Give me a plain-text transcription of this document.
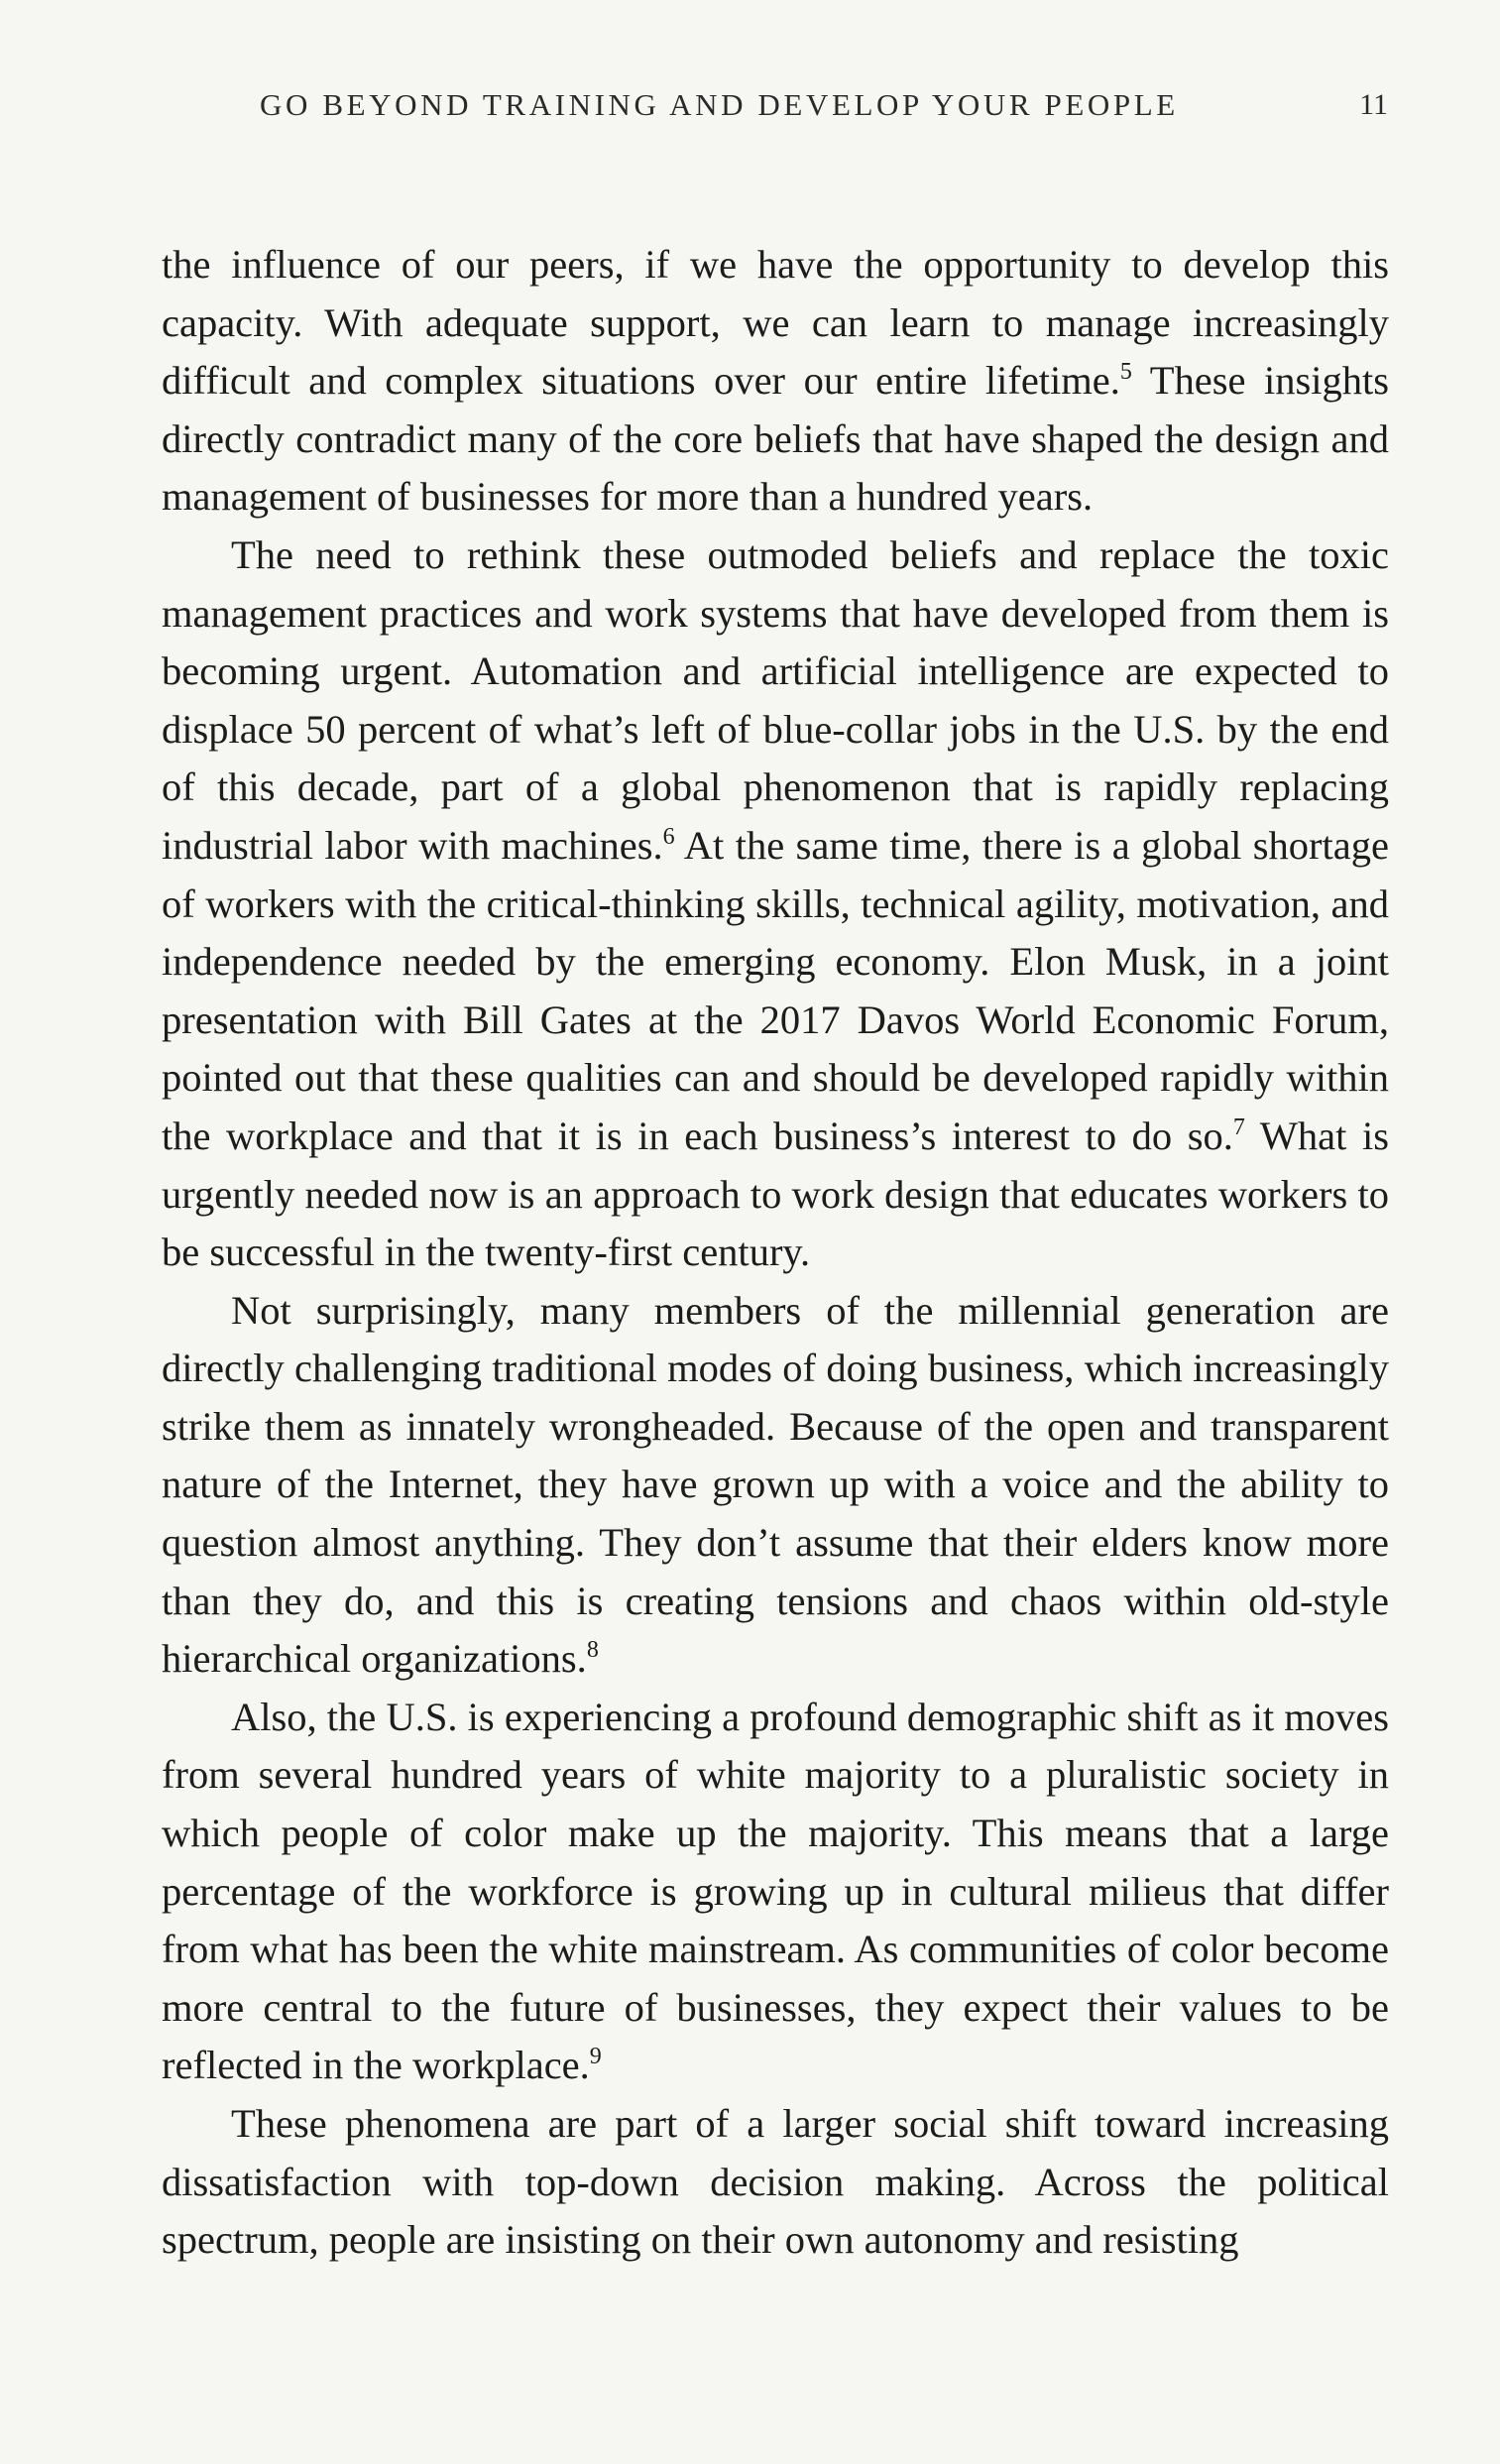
GO BEYOND TRAINING AND DEVELOP YOUR PEOPLE	11

the influence of our peers, if we have the opportunity to develop this capacity. With adequate support, we can learn to manage increasingly difficult and complex situations over our entire lifetime.$^5$ These insights directly contradict many of the core beliefs that have shaped the design and management of businesses for more than a hundred years.

The need to rethink these outmoded beliefs and replace the toxic management practices and work systems that have developed from them is becoming urgent. Automation and artificial intelligence are expected to displace 50 percent of what’s left of blue-collar jobs in the U.S. by the end of this decade, part of a global phenomenon that is rapidly replacing industrial labor with machines.$^6$ At the same time, there is a global shortage of workers with the critical-thinking skills, technical agility, motivation, and independence needed by the emerging economy. Elon Musk, in a joint presentation with Bill Gates at the 2017 Davos World Economic Forum, pointed out that these qualities can and should be developed rapidly within the workplace and that it is in each business’s interest to do so.$^7$ What is urgently needed now is an approach to work design that educates workers to be successful in the twenty-first century.

Not surprisingly, many members of the millennial generation are directly challenging traditional modes of doing business, which increasingly strike them as innately wrongheaded. Because of the open and transparent nature of the Internet, they have grown up with a voice and the ability to question almost anything. They don’t assume that their elders know more than they do, and this is creating tensions and chaos within old-style hierarchical organizations.$^8$

Also, the U.S. is experiencing a profound demographic shift as it moves from several hundred years of white majority to a pluralistic society in which people of color make up the majority. This means that a large percentage of the workforce is growing up in cultural milieus that differ from what has been the white mainstream. As communities of color become more central to the future of businesses, they expect their values to be reflected in the workplace.$^9$

These phenomena are part of a larger social shift toward increasing dissatisfaction with top-down decision making. Across the political spectrum, people are insisting on their own autonomy and resisting
